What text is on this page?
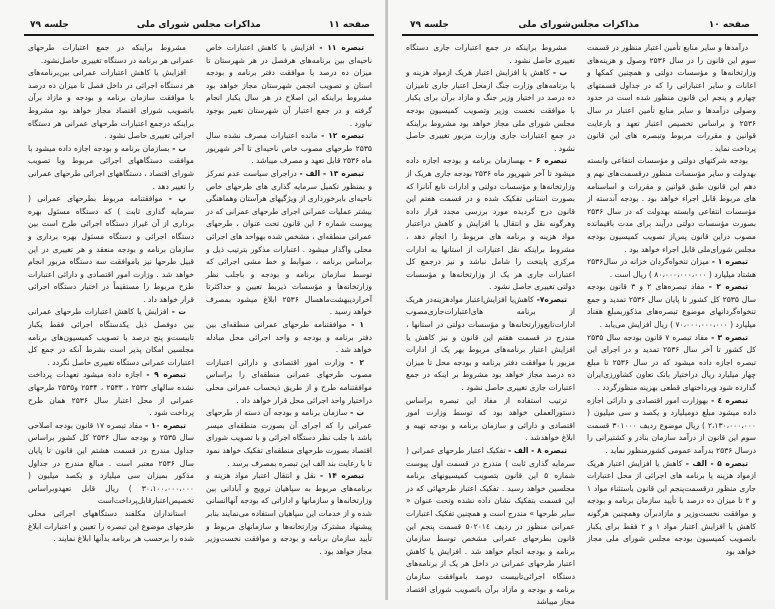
صفحه ۱۱
مذاکرات مجلس شورای ملی
جلسه ۷۹

تبصره ۱۱ - افزایش یا کاهش اعتبارات خاص ناحیه‌ای بین برنامه‌های هرفصل در هر شهرستان تا میزان ده درصد با موافقت دفتر برنامه و بودجه استان و تصویب انجمن شهرستان مجاز خواهد بود مشروط براینکه این اصلاح در هر سال یکبار انجام گرفته و در جمع اعتبار آن شهرستان تغییر بوجود نیاورد .

تبصره ۱۲ - مانده اعتبارات مصرف نشده سال ۲۵۳۵ طرحهای مصوب خاص ناحیه‌ای تا آخر شهریور ماه ۲۵۳۶ قابل تعهد و مصرف میباشد .

تبصره ۱۳ - الف - دراجرای سیاست عدم تمرکز و بمنظور تکمیل سرمایه گذاری های طرحهای خاص ناحیه‌ای بابرخورداری از ویژگیهای هرآستان وهماهنگی بیشتر عملیات عمرانی اجرای طرحهای عمرانی که در پیوست شماره ۶ این قانون تحت عنوان ، طرحهای عمرانی منطقه‌ای ، مشخص شده بهواحد های اجرائی محلی واگذار میشود . اعتبارات مذکور بترتیب ذیل و براساس برنامه ، ضوابط و خط مشی اجرائی که توسط سازمان برنامه و بودجه و باجلب نظر وزارتخانه‌ها و مؤسسات ذیربط تعیین و حداکثرتا آخراردیبهشت‌ماهسال ۲۵۳۶ ابلاغ میشود بمصرف خواهد رسید .

۱ - موافقتنامه طرحهای عمرانی منطقه‌ای بین دفتر برنامه و بودجه و واحد اجرائی محل مبادله خواهد شد .

۲ - وزارت امور اقتصادی و دارائی اعتبارات مصوب طرحهای عمرانی منطقه‌ای را براساس موافقتنامه طرح و از طریق ذیحساب عمرانی محلی دراختیار واحد اجرائی محل قرار خواهد داد .

ب - سازمان برنامه و بودجه آن دسته از طرحهای عمرانی را که اجرای آن بصورت منطقه‌ای میسر باشد با جلب نظر دستگاه اجرائی و با تصویب شورای اقتصاد بصورت طرحهای منطقه‌ای تفکیک خواهد نمود تا با رعایت بند الف این تبصره بمصرف برسد .

تبصره ۱۴ - نقل و انتقال اعتبار مواد هزینه و برنامه‌های مربوط به سپاهیان ترویج و آبادانی بین وزارتخانه‌ها و سازمانها و اداراتی که بودجه آنهاانسانی شده و از خدمات این سپاهیان استفاده می‌نمایند بنابر پیشنهاد مشترک وزارتخانه‌ها و سازمانهای مربوط و تأیید سازمان برنامه و بودجه و موافقت نخست‌وزیر مجاز خواهد بود .

مشروط براینکه در جمع اعتبارات طرحهای عمرانی هر برنامه در دستگاه تغییری حاصل‌نشود.

افزایش یا کاهش اعتبارات عمرانی بین‌برنامه‌های هر دستگاه اجرائی در داخل فصل تا میزان ده درصد با موافقت سازمان برنامه و بودجه و مازاد برآن باتصویب شورای اقتصاد مجاز خواهد بود مشروط براینکه درجمع اعتبارات طرحهای عمرانی هر دستگاه اجرائی تغییری حاصل نشود .

ب - بسازمان برنامه و بودجه اجازه داده میشود با موافقت دستگاههای اجرائی مربوط وبا تصویب شورای اقتصاد ، دستگاههای اجرائی طرحهای عمرانی را تغییر دهد .

پ - موافقتنامه مربوط بطرحهای عمرانی ( سرمایه گذاری ثابت ) که دستگاه مسئول بهره برداری از آن غیراز دستگاه اجرائی طرح است بین دستگاه اجرائی و دستگاه مسئول بهره برداری و سازمان برنامه و بودجه منعقد و هر تغییری در این قبیل طرحها نیز باموافقت سه دستگاه مزبور انجام خواهد شد . وزارت امور اقتصادی و دارائی اعتبارات طرح مربوط را مستقیماً در اختیار دستگاه اجرائی قرار خواهد داد .

ت - افزایش یا کاهش اعتبارات طرحهای عمرانی بین دوفصل ذیل یکدستگاه اجرائی فقط یکبار تابیست‌و پنج درصد با تصویب کمیسیون‌های برنامه مجلسین امکان پذیر است بشرط آنکه در جمع کل اعتبارات عمرانی دستگاه تغییری حاصل نگردد .

تبصره ۹ - اجازه داده میشود تعهدات پرداخت نشده سالهای ۲۵۳۲ ، ۲۵۳۳ ، ۲۵۳۴ و۲۵۳۵ طرحهای عمرانی از محل اعتبار سال ۲۵۳۶ همان طرح پرداخت شود .

تبصره ۱۰ - مفاد تبصره ۱۷ قانون بودجه اصلاحی سال ۲۵۳۵ و بودجه سال ۲۵۳۶ کل کشور براساس جداول مندرج در قسمت هشتم این قانون تا پایان سال ۲۵۳۶ معتبر است . مبالغ مندرج در جداول مذکور بمیزان سی میلیارد و یکصد میلیون ( ۳۰،۱۰۰،۰۰۰،۰۰۰ ) ریال قابل تعهدوبراساس تخصیص‌اعتبارقابل‌پرداخت‌است

استانداران مکلفند دستگاههای اجرائی محلی طرحهای موضوع این تبصره را تعیین و اعتبارات ابلاغ شده را برحسب هر برنامه بدآنها ابلاغ نمایند .

صفحه ۱۰
مذاکرات مجلس‌شورای ملی
جلسه ۷۹

درآمدها و سایر منابع تأمین اعتبار منظور در قسمت سوم این قانون را در سال ۲۵۳۶ وصول و هزینه‌های وزارتخانه‌ها و مؤسسات دولتی و همچنین کمکها و اعانات و سایر اعتباراتی را که در جداول قسمتهای چهارم و پنجم این قانون منظور شده است در حدود وصولی درآمدها و سایر منابع تأمین اعتبار در سال ۲۵۳۶ و براساس تخصیص اعتبار تعهد و بارعایت قوانین و مقررات مربوط وتبصره های این قانون پرداخت نماید .

بودجه شرکتهای دولتی و مؤسسات انتفاعی وابسته بهدولت و سایر مؤسسات منظور درقسمت‌های نهم و دهم این قانون طبق قوانین و مقررات و اساسنامه های مربوط قابل اجراء خواهد بود . بودجه آندسته از مؤسسات انتفاعی وابسته بهدولت که در سال ۲۵۳۶ بصورت مؤسسات دولتی درآیند برای مدت باقیمانده مصوب دراین قانون پس‌از تصویب کمیسیون بودجه مجلس شورای‌ملی قابل اجراء خواهد بود .

تبصره ۱ - میزان تنخواه‌گردان خزانه در سال۲۵۳۶ هشتاد میلیارد ( ۸۰،۰۰۰،۰۰۰،۰۰۰ ) ریال است .

تبصره ۲ - مفاد تبصره‌های ۲ و ۳ قانون بودجه سال ۲۵۳۵ کل کشور تا پایان سال ۲۵۳۶ تمدید و جمع تنخواه‌گردانهای موضوع تبصره‌های مذکوربمبلغ هفتاد میلیارد ( ۷۰،۰۰۰،۰۰۰،۰۰۰ ) ریال افزایش می‌یابد .

تبصره ۳ - مفاد تبصره ۷ قانون بودجه سال ۲۵۳۵ کل کشور تا آخر سال ۲۵۳۶ تمدید و در اجرای این تبصره اجازه داده میشود که در سال ۲۵۳۶ تا مبلغ چهار میلیارد ریال دراختیار بانک تعاون کشاورزی‌ایران گذارده شود وپرداختهای قطعی بهزینه منظورگردد .

تبصره ٤ - بهوزارت امور اقتصادی و دارائی اجازه داده میشود مبلغ دومیلیارد و یکصد و سی میلیون ( ۲،۱۳۰،۰۰۰،۰۰۰ ) ریال موضوع ردیف ۳۰۱۰۰۰ قسمت سوم این قانون از درآمد سازمان بنادر و کشتیرانی را درسال ۲۵۳۶ بدرآمد عمومی کشورمنظور نماید .

تبصره ۵ - الف - کاهش یا افزایش اعتبار هریک ازمواد هزینه یا برنامه های اجرائی از محل اعتبارات جاری منظور درقسمت‌پنجم این قانون باستثناء مواد ۱ و ۲ تا میزان ده درصد با تأیید سازمان برنامه و بودجه و موافقت نخست‌وزیر و مازادبرآن وهمچنین هرگونه کاهش یا افزایش اعتبار مواد ۱ و ۲ فقط برای یکبار باتصویب کمیسیون بودجه مجلس شورای ملی مجاز خواهد بود

مشروط براینکه در جمع اعتبارات جاری دستگاه تغییری حاصل نشود .

ب - کاهش یا افزایش اعتبار هریک ازمواد هزینه و یا برنامه‌های وزارت جنگ ازمحل اعتبار جاری تامیزان ده درصد در اختیار وزیر جنگ و مازاد برآن برای یکبار با موافقت نخست وزیر وتصویب کمیسیون بودجه مجلس شورای ملی مجاز خواهد بود مشروط براینکه در جمع اعتبارات جاری وزارت مزبور تغییری حاصل نشود .

تبصره ۶ - بهسازمان برنامه و بودجه اجازه داده میشود تا آخر شهریور ماه ۲۵۳۶ بودجه جاری هریک از وزارتخانه‌ها و مؤسسات دولتی و ادارات تابع آنانرا که بصورت استانی تفکیک شده و در قسمت هفتم این قانون درج گردیده مورد بررسی مجدد قرار داده وهرگونه نقل و انتقال یا افزایش و کاهش دراعتبار مواد هزینه و برنامه های مربوط را انجام دهد ، مشروط براینکه نقل اعتبارات از استانها به ادارات مرکزی پایتخت را شامل نباشد و نیز درجمع کل اعتبارات جاری هر یک از وزارتخانه‌ها و مؤسسات دولتی تغییری حاصل نشود .

تبصره۷- کاهش‌یا افزایش‌اعتبار موادهزینه‌در هریک از برنامه های‌اعتبارات‌جاری‌مصوب ادارات‌تابع‌وزارتخانه‌ها و مؤسسات دولتی در استانها ، مندرج در قسمت هفتم این قانون و نیز کاهش یا افزایش اعتبار برنامه‌های مربوط بهر یک از ادارات مزبور با موافقت دفتر برنامه و بودجه محل تا میزان ده درصد مجاز خواهد بود مشروط بر اینکه در جمع اعتبارات جاری تغییری حاصل نشود .

ترتیب استفاده از مفاد این تبصره براساس دستورالعملی خواهد بود که توسط وزارت امور اقتصادی و دارائی و سازمان برنامه و بودجه تهیه و ابلاغ خواهدشد .

تبصره ۸ - الف - تفکیک اعتبار طرحهای عمرانی ( سرمایه گذاری ثابت ) مندرج در قسمت اول پیوست شماره ۵ این قانون بتصویب کمیسیونهای برنامه مجلسین خواهد رسید . تفکیک اعتبار طرحهائی که در این قسمت بتفکیک نشان داده نشده وتحت عنوان « سایر طرحها » مندرج است و همچنین تفکیک اعتبارات عمرانی منظور در ردیف ۵۰۲۰۱٤ قسمت پنجم این قانون بطرحهای عمرانی مشخص توسط سازمان برنامه و بودجه انجام خواهد شد . افزایش یا کاهش اعتبار طرحهای عمرانی در داخل هر یک از برنامه‌های دستگاه اجرائی‌تابیست دوصد باموافقت سازمان برنامه و بودجه و مازاد برآن باتصویب شورای اقتصاد مجاز میباشد
